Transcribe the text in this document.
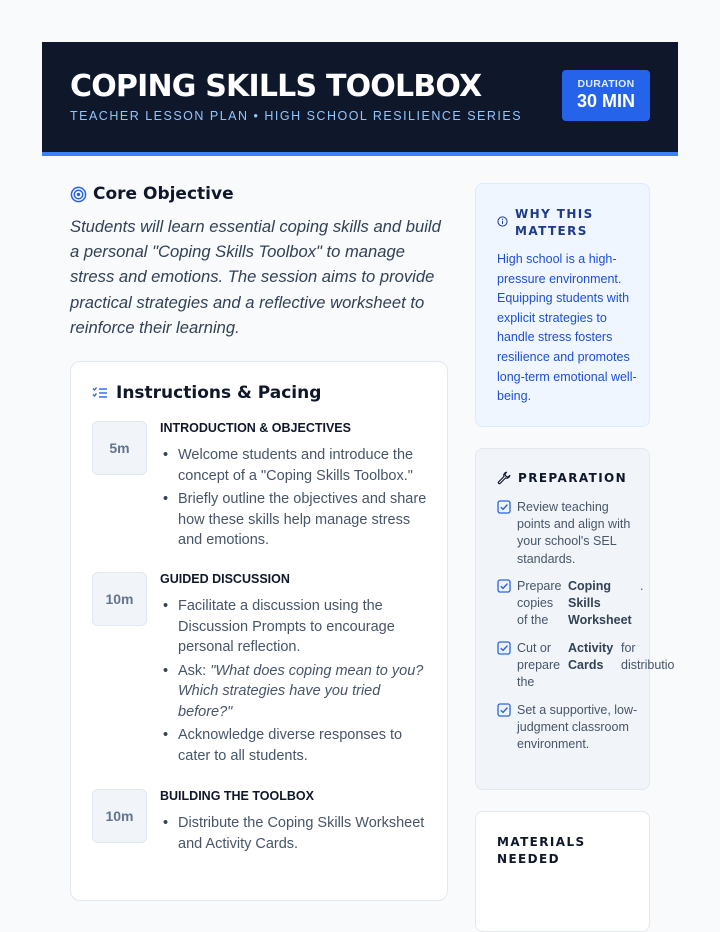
COPING SKILLS TOOLBOX
TEACHER LESSON PLAN • HIGH SCHOOL RESILIENCE SERIES
DURATION
30 MIN
Core Objective

Students will learn essential coping skills and build a personal "Coping Skills Toolbox" to manage stress and emotions. The session aims to provide practical strategies and a reflective worksheet to reinforce their learning.

Instructions & Pacing
5m
INTRODUCTION & OBJECTIVES
• Welcome students and introduce the concept of a "Coping Skills Toolbox."
• Briefly outline the objectives and share how these skills help manage stress and emotions.
10m
GUIDED DISCUSSION
• Facilitate a discussion using the Discussion Prompts to encourage personal reflection.
• Ask: "What does coping mean to you? Which strategies have you tried before?"
• Acknowledge diverse responses to cater to all students.
10m
BUILDING THE TOOLBOX
• Distribute the Coping Skills Worksheet and Activity Cards.
WHY THIS MATTERS

High school is a high-pressure environment. Equipping students with explicit strategies to handle stress fosters resilience and promotes long-term emotional well-being.

PREPARATION
Review teaching points and align with your school's SEL standards.
Prepare Coping	.
copies	Skills
of the	Worksheet
Cut or	Activity for
prepare Cards	distributio
the
Set a supportive, low-judgment classroom environment.
MATERIALS NEEDED
